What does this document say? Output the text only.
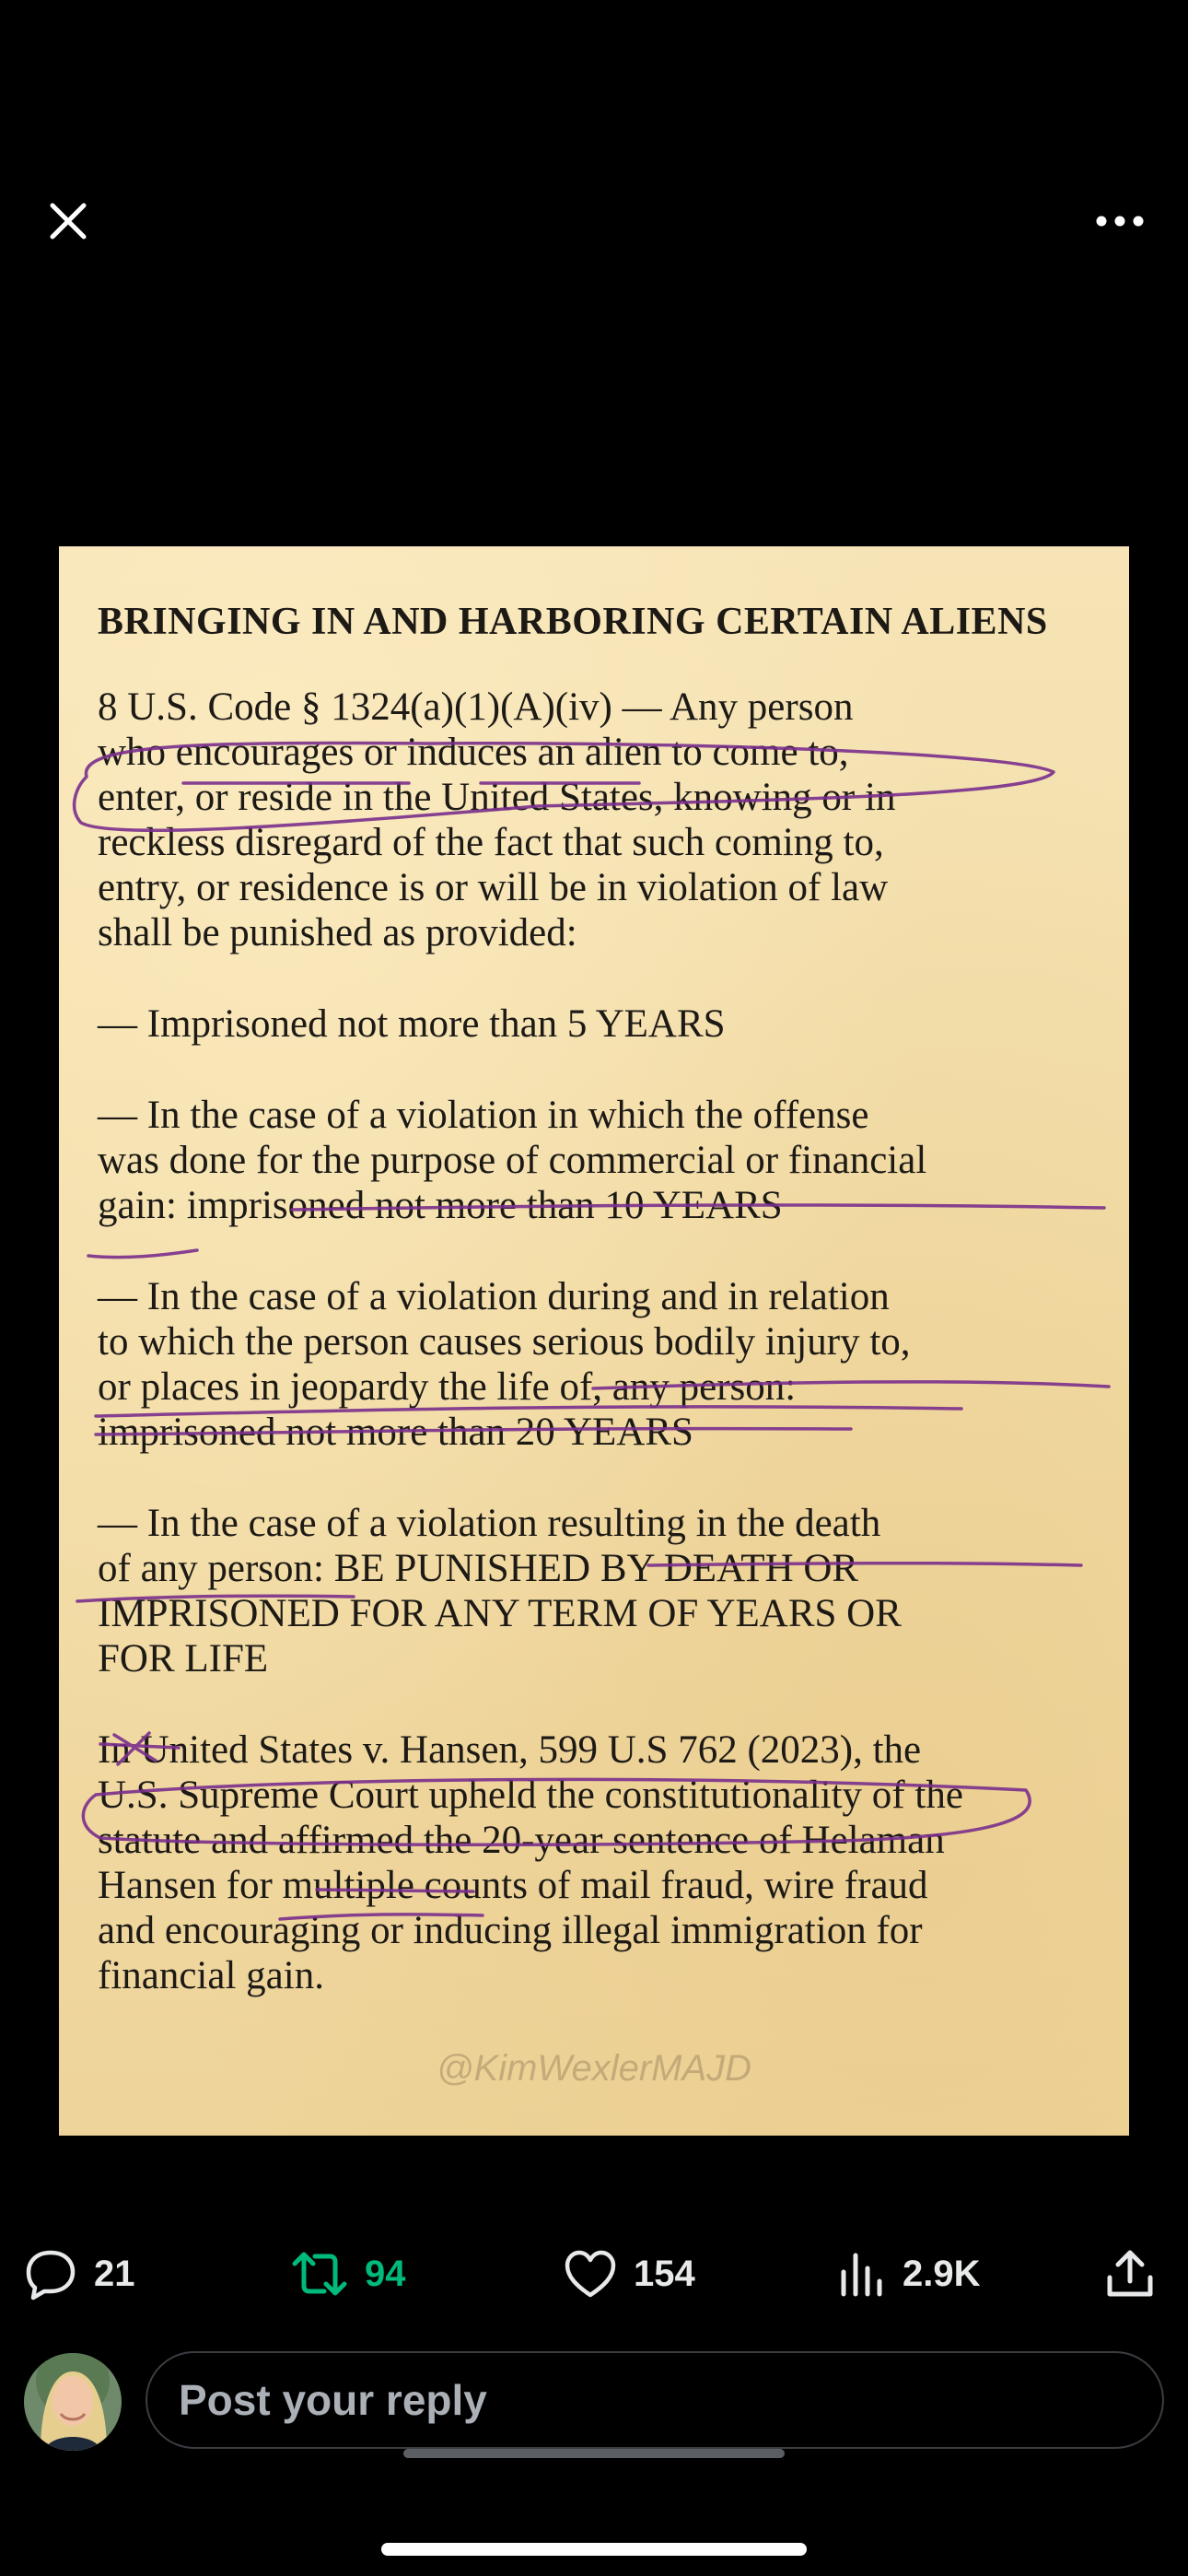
BRINGING IN AND HARBORING CERTAIN ALIENS
8 U.S. Code § 1324(a)(1)(A)(iv) — Any person
who encourages or induces an alien to come to,
enter, or reside in the United States, knowing or in
reckless disregard of the fact that such coming to,
entry, or residence is or will be in violation of law
shall be punished as provided:
— Imprisoned not more than 5 YEARS
— In the case of a violation in which the offense
was done for the purpose of commercial or financial
gain: imprisoned not more than 10 YEARS
— In the case of a violation during and in relation
to which the person causes serious bodily injury to,
or places in jeopardy the life of, any person:
imprisoned not more than 20 YEARS
— In the case of a violation resulting in the death
of any person: BE PUNISHED BY DEATH OR
IMPRISONED FOR ANY TERM OF YEARS OR
FOR LIFE
In United States v. Hansen, 599 U.S 762 (2023), the
U.S. Supreme Court upheld the constitutionality of the
statute and affirmed the 20-year sentence of Helaman
Hansen for multiple counts of mail fraud, wire fraud
and encouraging or inducing illegal immigration for
financial gain.
@KimWexlerMAJD
21	94	154	2.9K
Post your reply
